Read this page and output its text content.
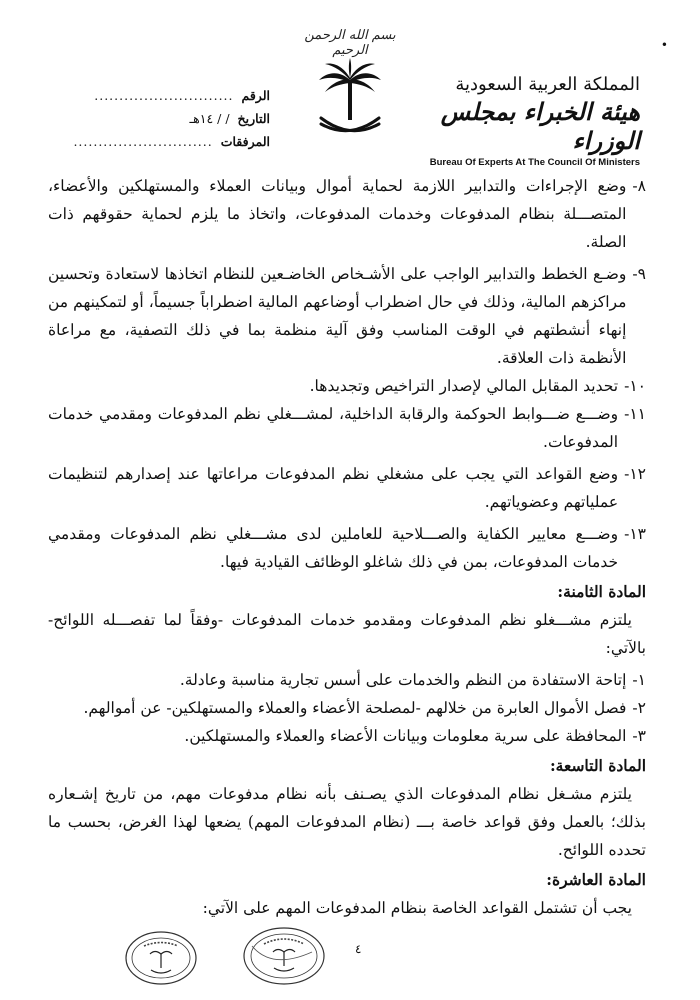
•
بسم الله الرحمن الرحيم
الرقم
............................
التاريخ
/ / ١٤هـ
المرفقات
............................
المملكة العربية السعودية
هيئة الخبراء بمجلس الوزراء
Bureau Of Experts At The Council Of Ministers
٨-
وضع الإجراءات والتدابير اللازمة لحماية أموال وبيانات العملاء والمستهلكين والأعضاء، المتصـــلة بنظام المدفوعات وخدمات المدفوعات، واتخاذ ما يلزم لحماية حقوقهم ذات الصلة.
٩-
وضـع الخطط والتدابير الواجب على الأشـخاص الخاضـعين للنظام اتخاذها لاستعادة وتحسين مراكزهم المالية، وذلك في حال اضطراب أوضاعهم المالية اضطراباً جسيماً، أو لتمكينهم من إنهاء أنشطتهم في الوقت المناسب وفق آلية منظمة بما في ذلك التصفية، مع مراعاة الأنظمة ذات العلاقة.
١٠-
تحديد المقابل المالي لإصدار التراخيص وتجديدها.
١١-
وضـــع ضـــوابط الحوكمة والرقابة الداخلية، لمشـــغلي نظم المدفوعات ومقدمي خدمات المدفوعات.
١٢-
وضع القواعد التي يجب على مشغلي نظم المدفوعات مراعاتها عند إصدارهم لتنظيمات عملياتهم وعضوياتهم.
١٣-
وضـــع معايير الكفاية والصـــلاحية للعاملين لدى مشـــغلي نظم المدفوعات ومقدمي خدمات المدفوعات، بمن في ذلك شاغلو الوظائف القيادية فيها.
المادة الثامنة:
يلتزم مشـــغلو نظم المدفوعات ومقدمو خدمات المدفوعات -وفقاً لما تفصـــله اللوائح- بالآتي:
١-
إتاحة الاستفادة من النظم والخدمات على أسس تجارية مناسبة وعادلة.
٢-
فصل الأموال العابرة من خلالهم -لمصلحة الأعضاء والعملاء والمستهلكين- عن أموالهم.
٣-
المحافظة على سرية معلومات وبيانات الأعضاء والعملاء والمستهلكين.
المادة التاسعة:
يلتزم مشـغل نظام المدفوعات الذي يصـنف بأنه نظام مدفوعات مهم، من تاريخ إشـعاره بذلك؛ بالعمل وفق قواعد خاصة بـــ (نظام المدفوعات المهم) يضعها لهذا الغرض، بحسب ما تحدده اللوائح.
المادة العاشرة:
يجب أن تشتمل القواعد الخاصة بنظام المدفوعات المهم على الآتي:
٤
